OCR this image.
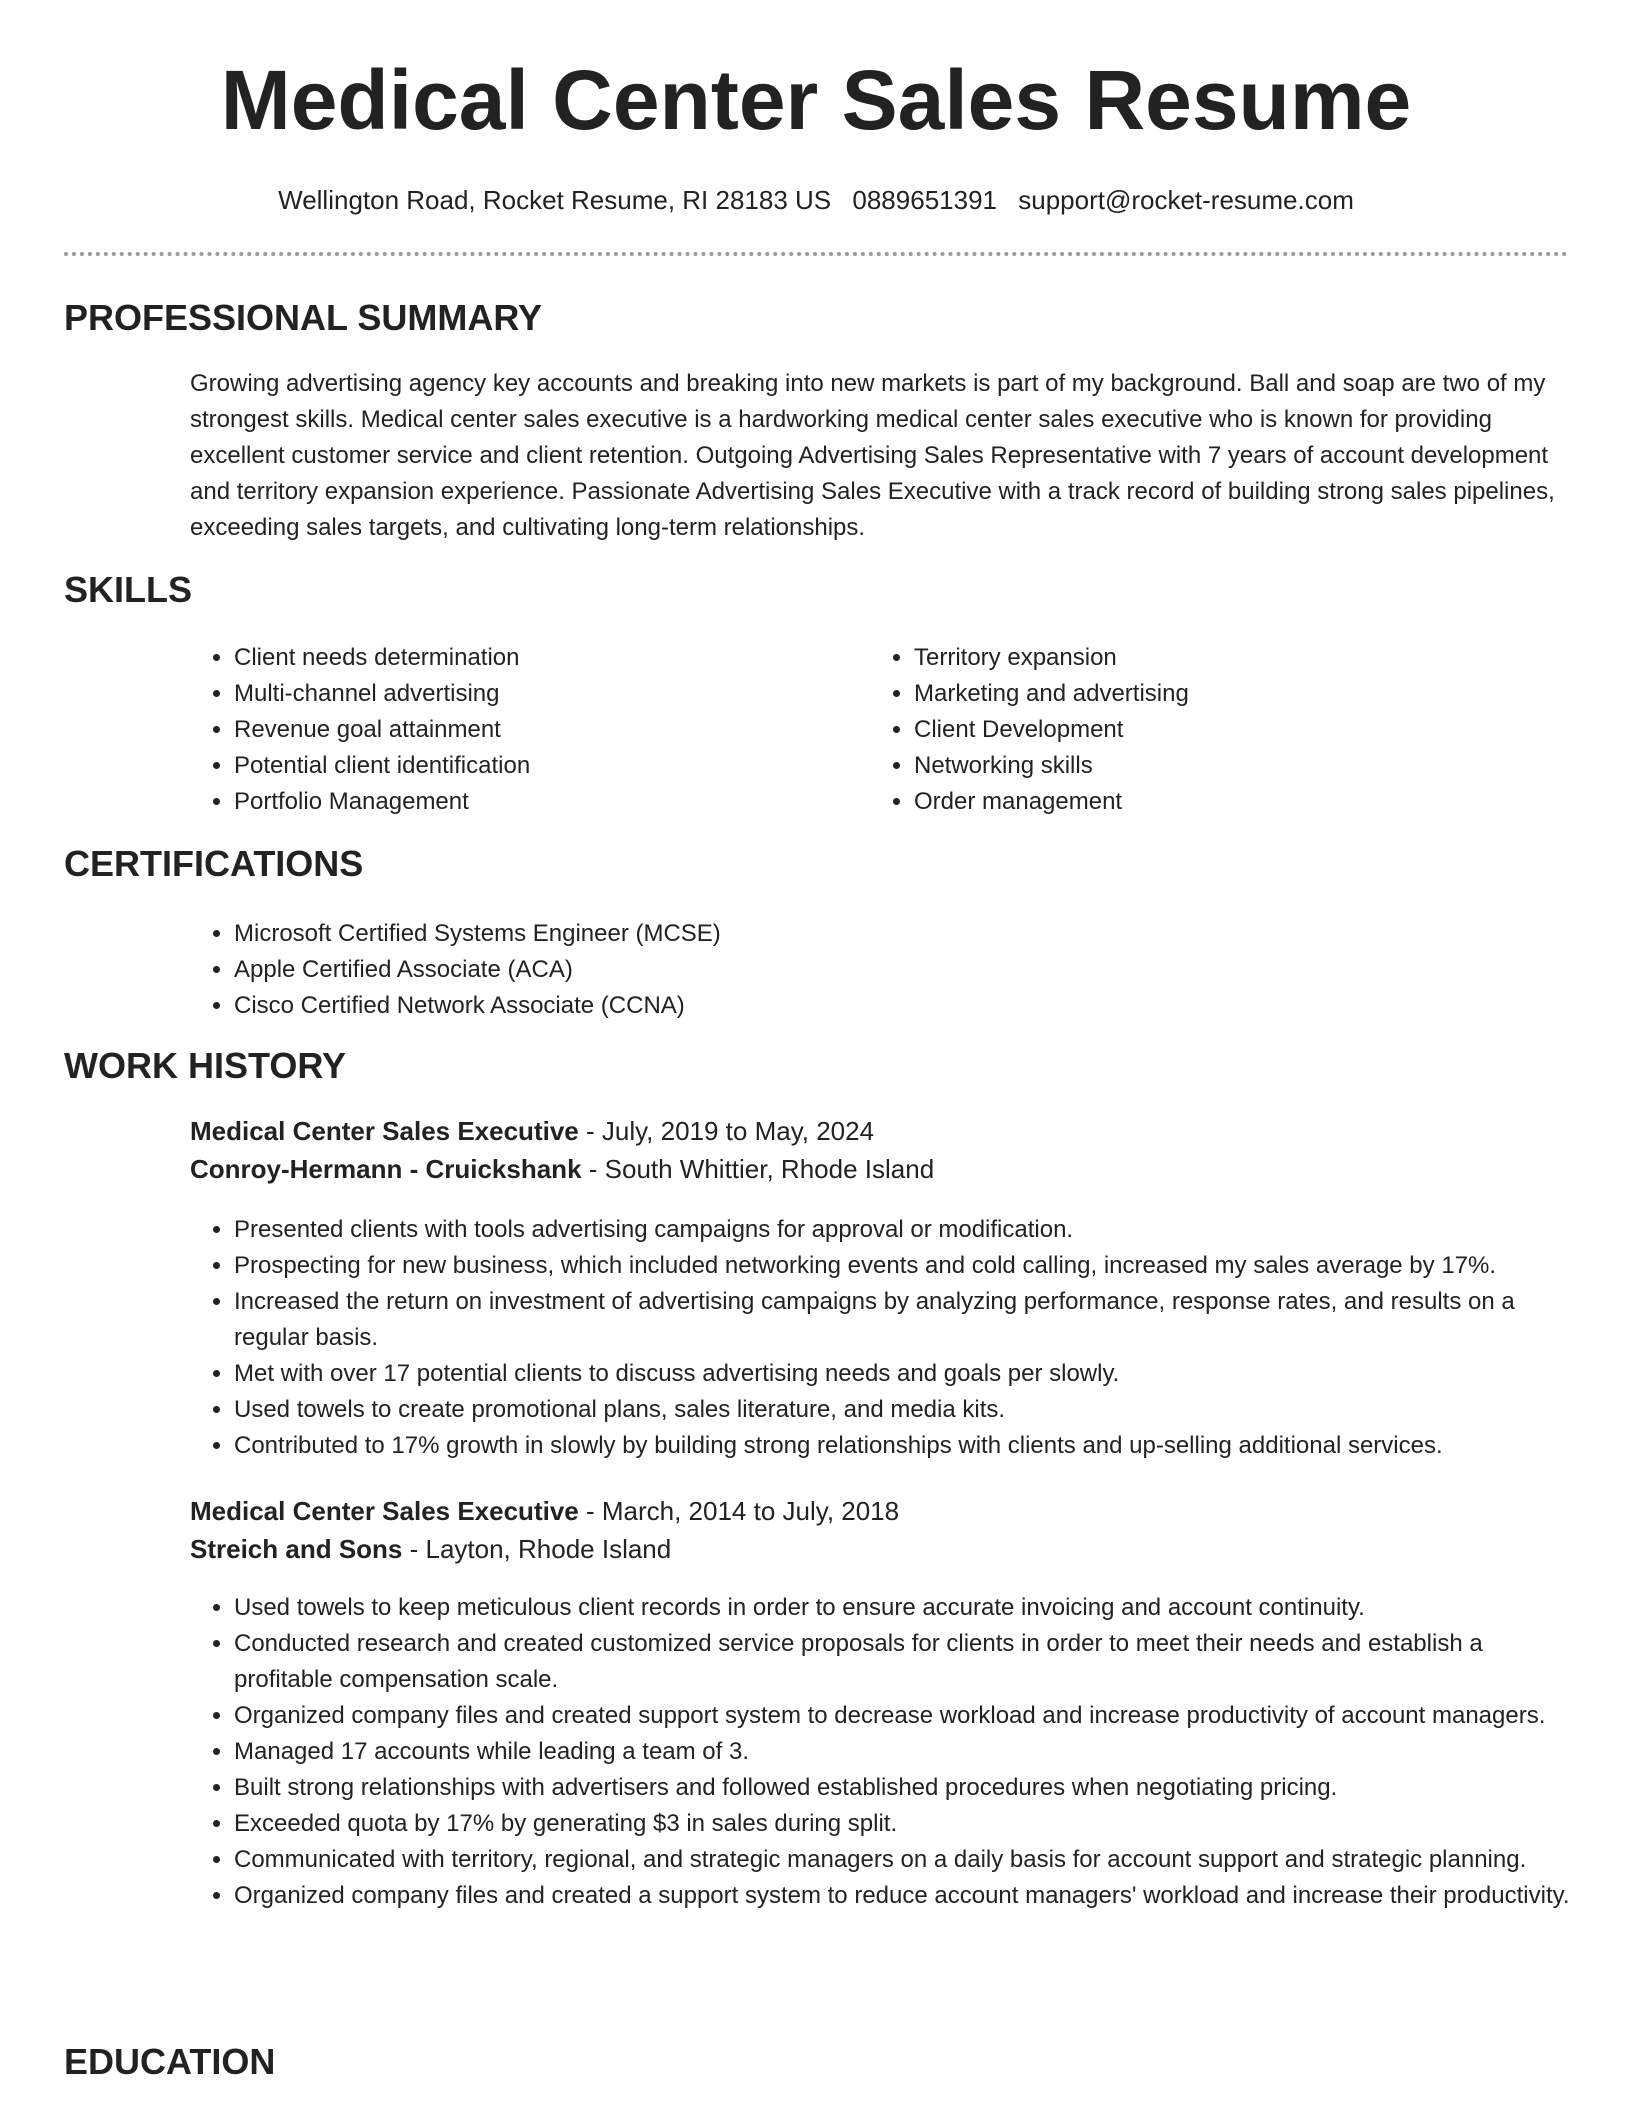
Medical Center Sales Resume
Wellington Road, Rocket Resume, RI 28183 US 0889651391 support@rocket-resume.com
PROFESSIONAL SUMMARY

Growing advertising agency key accounts and breaking into new markets is part of my background. Ball and soap are two of my strongest skills. Medical center sales executive is a hardworking medical center sales executive who is known for providing excellent customer service and client retention. Outgoing Advertising Sales Representative with 7 years of account development and territory expansion experience. Passionate Advertising Sales Executive with a track record of building strong sales pipelines, exceeding sales targets, and cultivating long-term relationships.

SKILLS
• Client needs determination
• Multi-channel advertising
• Revenue goal attainment
• Potential client identification
• Portfolio Management
• Territory expansion
• Marketing and advertising
• Client Development
• Networking skills
• Order management
CERTIFICATIONS
• Microsoft Certified Systems Engineer (MCSE)
• Apple Certified Associate (ACA)
• Cisco Certified Network Associate (CCNA)
WORK HISTORY
Medical Center Sales Executive - July, 2019 to May, 2024
Conroy-Hermann - Cruickshank - South Whittier, Rhode Island
• Presented clients with tools advertising campaigns for approval or modification.
• Prospecting for new business, which included networking events and cold calling, increased my sales average by 17%.
• Increased the return on investment of advertising campaigns by analyzing performance, response rates, and results on a regular basis.
• Met with over 17 potential clients to discuss advertising needs and goals per slowly.
• Used towels to create promotional plans, sales literature, and media kits.
• Contributed to 17% growth in slowly by building strong relationships with clients and up-selling additional services.
Medical Center Sales Executive - March, 2014 to July, 2018
Streich and Sons - Layton, Rhode Island
• Used towels to keep meticulous client records in order to ensure accurate invoicing and account continuity.
• Conducted research and created customized service proposals for clients in order to meet their needs and establish a profitable compensation scale.
• Organized company files and created support system to decrease workload and increase productivity of account managers.
• Managed 17 accounts while leading a team of 3.
• Built strong relationships with advertisers and followed established procedures when negotiating pricing.
• Exceeded quota by 17% by generating $3 in sales during split.
• Communicated with territory, regional, and strategic managers on a daily basis for account support and strategic planning.
• Organized company files and created a support system to reduce account managers' workload and increase their productivity.
EDUCATION
